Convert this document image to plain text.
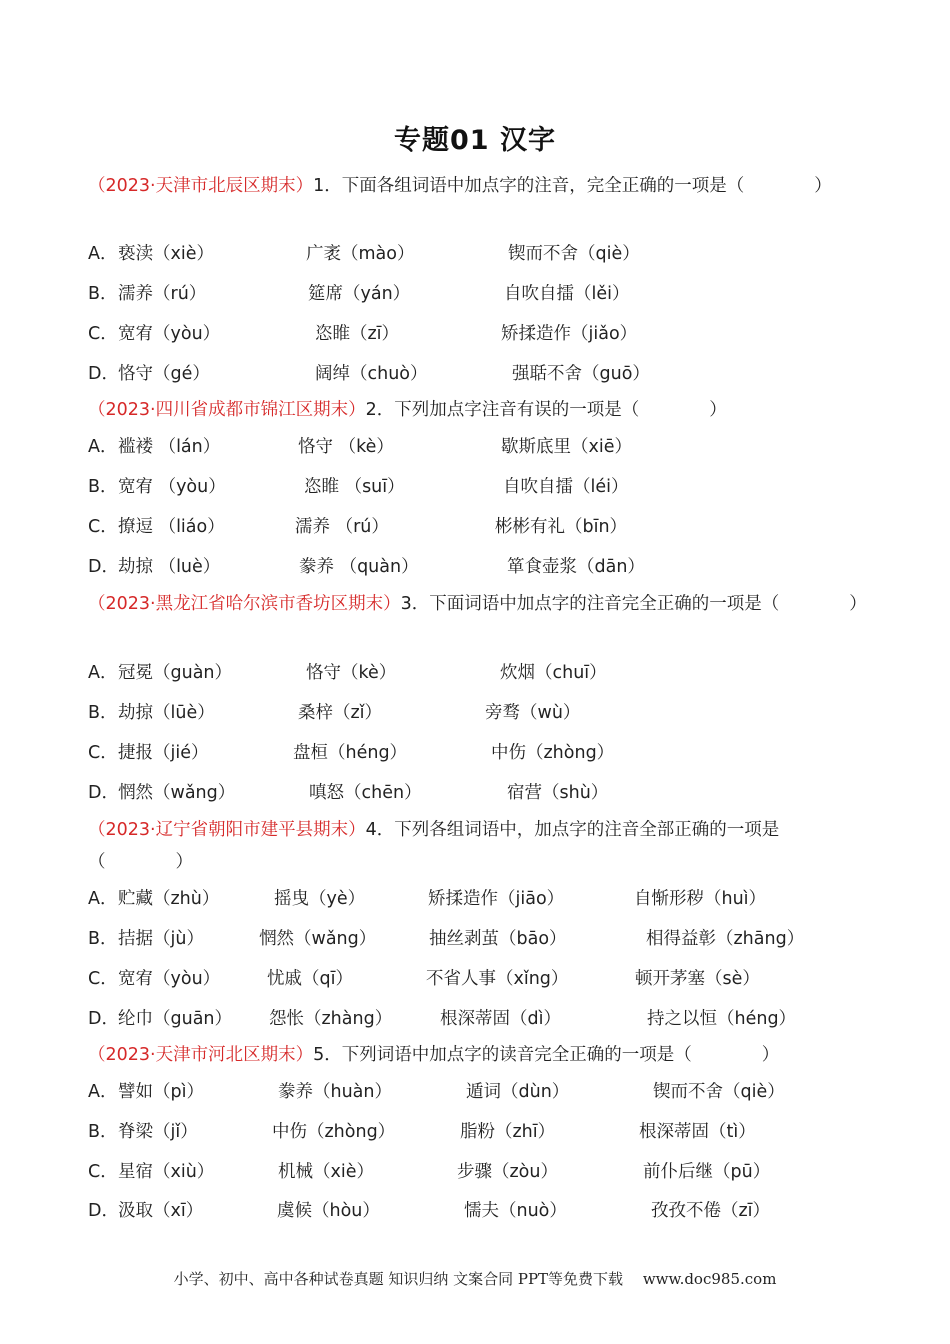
专题01 汉字
（2023·天津市北辰区期末）1．下面各组词语中加点字的注音，完全正确的一项是（　　　　）
A． 亵渎（xiè）	广袤（mào）	锲而不舍（qiè）
B． 濡养（rú）	筵席（yán）	自吹自擂（lěi）
C． 宽宥（yòu）	恣睢（zī）	矫揉造作（jiǎo）
D． 恪守（gé）	阔绰（chuò）	强聒不舍（guō）
（2023·四川省成都市锦江区期末）2．下列加点字注音有误的一项是（　　　　）
A． 褴褛 （lán）	恪守 （kè）	歇斯底里（xiē）
B． 宽宥 （yòu）	恣睢 （suī）	自吹自擂（léi）
C． 撩逗 （liáo）	濡养 （rú）	彬彬有礼（bīn）
D． 劫掠 （luè）	豢养 （quàn）	箪食壶浆（dān）
（2023·黑龙江省哈尔滨市香坊区期末）3．下面词语中加点字的注音完全正确的一项是（　　　　）
A． 冠冕（guàn）	恪守（kè）	炊烟（chuī）
B． 劫掠（lūè）	桑梓（zǐ）	旁骛（wù）
C． 捷报（jié）	盘桓（héng）	中伤（zhòng）
D． 惘然（wǎng）	嗔怒（chēn）	宿营（shù）
（2023·辽宁省朝阳市建平县期末）4．下列各组词语中，加点字的注音全部正确的一项是（　　　　）
A． 贮藏（zhù）	摇曳（yè）	矫揉造作（jiāo）	自惭形秽（huì）
B． 拮据（jù）	惘然（wǎng）	抽丝剥茧（bāo）	相得益彰（zhāng）
C． 宽宥（yòu）	忧戚（qī）	不省人事（xǐng）	顿开茅塞（sè）
D． 纶巾（guān） 怨怅（zhàng）	根深蒂固（dì）	持之以恒（héng）
（2023·天津市河北区期末）5．下列词语中加点字的读音完全正确的一项是（　　　　）
A． 譬如（pì）	豢养（huàn）	遁词（dùn）	锲而不舍（qiè）
B． 脊梁（jǐ）	中伤（zhòng）	脂粉（zhī）	根深蒂固（tì）
C． 星宿（xiù）	机械（xiè）	步骤（zòu）	前仆后继（pū）
D． 汲取（xī）	虞候（hòu）	懦夫（nuò）	孜孜不倦（zī）
小学、初中、高中各种试卷真题 知识归纳 文案合同 PPT等免费下载　 www.doc985.com
